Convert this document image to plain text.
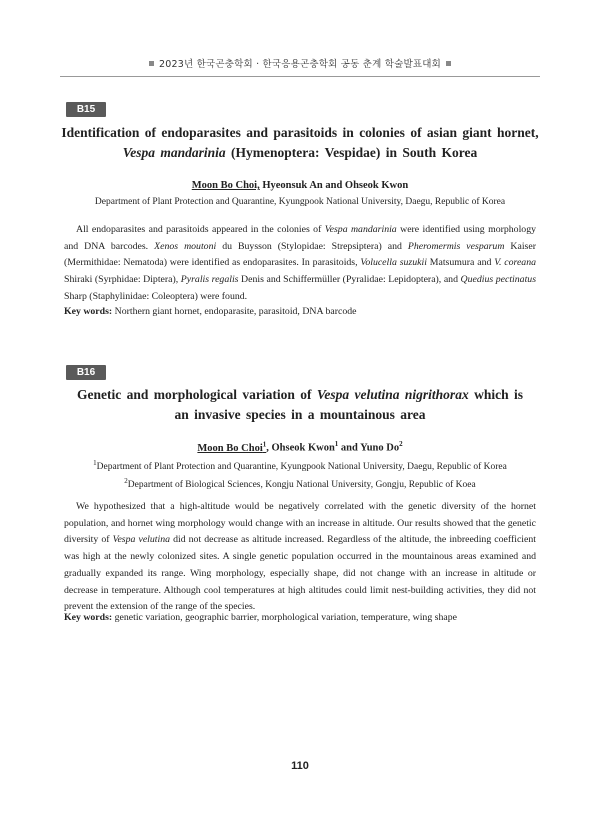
2023년 한국곤충학회 · 한국응용곤충학회 공동 춘계 학술발표대회
B15
Identification of endoparasites and parasitoids in colonies of asian giant hornet,
Vespa mandarinia (Hymenoptera: Vespidae) in South Korea
Moon Bo Choi, Hyeonsuk An and Ohseok Kwon
Department of Plant Protection and Quarantine, Kyungpook National University, Daegu, Republic of Korea

All endoparasites and parasitoids appeared in the colonies of Vespa mandarinia were identified using morphology and DNA barcodes. Xenos moutoni du Buysson (Stylopidae: Strepsiptera) and Pheromermis vesparum Kaiser (Mermithidae: Nematoda) were identified as endoparasites. In parasitoids, Volucella suzukii Matsumura and V. coreana Shiraki (Syrphidae: Diptera), Pyralis regalis Denis and Schiffermüller (Pyralidae: Lepidoptera), and Quedius pectinatus Sharp (Staphylinidae: Coleoptera) were found.

Key words: Northern giant hornet, endoparasite, parasitoid, DNA barcode
B16
Genetic and morphological variation of Vespa velutina nigrithorax which is
an invasive species in a mountainous area
Moon Bo Choi$^1$, Ohseok Kwon$^1$ and Yuno Do$^2$
$^1$Department of Plant Protection and Quarantine, Kyungpook National University, Daegu, Republic of Korea
$^2$Department of Biological Sciences, Kongju National University, Gongju, Republic of Koea

We hypothesized that a high-altitude would be negatively correlated with the genetic diversity of the hornet population, and hornet wing morphology would change with an increase in altitude. Our results showed that the genetic diversity of Vespa velutina did not decrease as altitude increased. Regardless of the altitude, the inbreeding coefficient was high at the newly colonized sites. A single genetic population occurred in the mountainous areas examined and gradually expanded its range. Wing morphology, especially shape, did not change with an increase in altitude or decrease in temperature. Although cool temperatures at high altitudes could limit nest-building activities, they did not prevent the extension of the range of the species.

Key words: genetic variation, geographic barrier, morphological variation, temperature, wing shape
110
